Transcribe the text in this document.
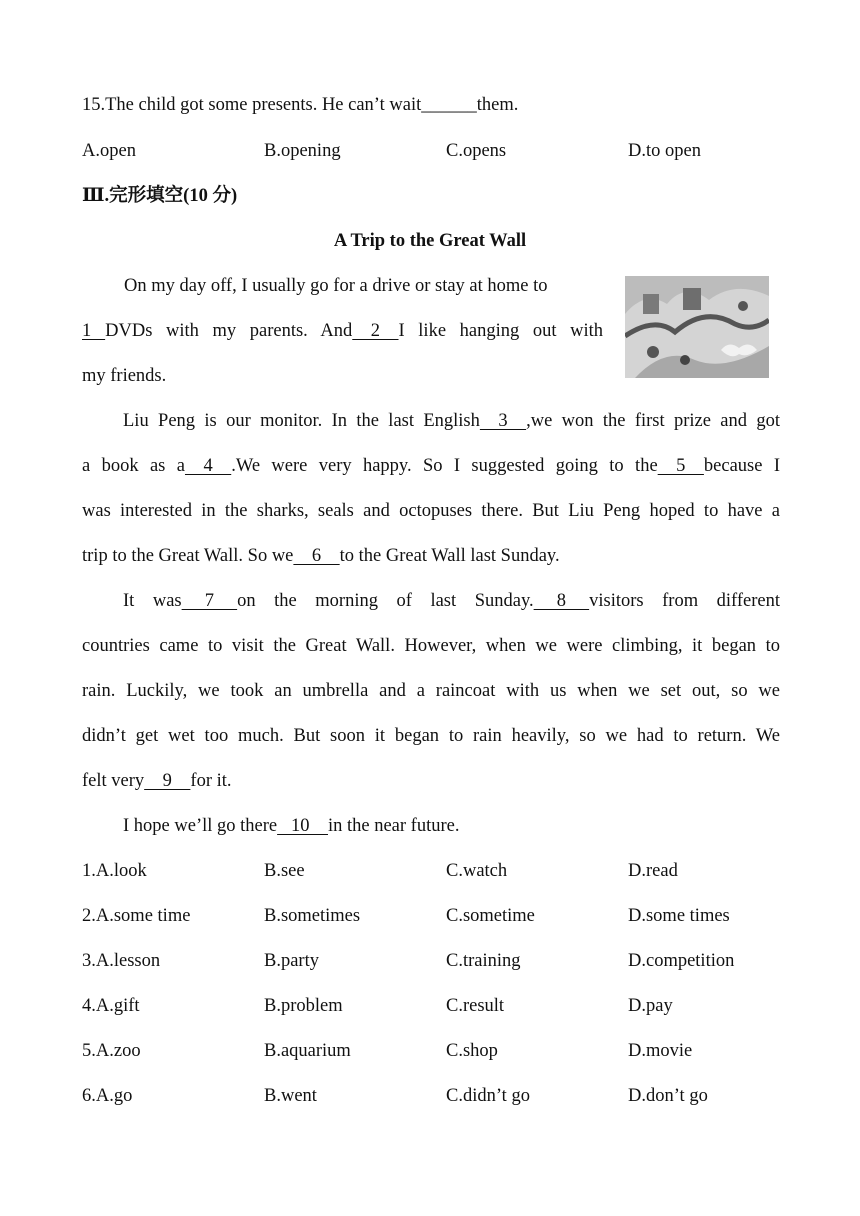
15.The child got some presents. He can’t wait______them.
A.open	B.opening	C.opens	D.to open
Ⅲ.完形填空(10 分)
A Trip to the Great Wall
On my day off, I usually go for a drive or stay at home to
1   DVDs with my parents. And    2    I like hanging out with
my friends.
Liu Peng is our monitor. In the last English    3    ,we won the first prize and got
a book as a    4    .We were very happy. So I suggested going to the    5    because I
was interested in the sharks, seals and octopuses there. But Liu Peng hoped to have a
trip to the Great Wall. So we    6    to the Great Wall last Sunday.
It was     7     on the morning of last Sunday.     8     visitors from different
countries came to visit the Great Wall. However, when we were climbing, it began to
rain. Luckily, we took an umbrella and a raincoat with us when we set out, so we
didn’t get wet too much. But soon it began to rain heavily, so we had to return. We
felt very    9    for it.
I hope we’ll go there   10    in the near future.
1.A.look	B.see	C.watch	D.read
2.A.some time	B.sometimes	C.sometime	D.some times
3.A.lesson	B.party	C.training	D.competition
4.A.gift	B.problem	C.result	D.pay
5.A.zoo	B.aquarium	C.shop	D.movie
6.A.go	B.went	C.didn’t go	D.don’t go
